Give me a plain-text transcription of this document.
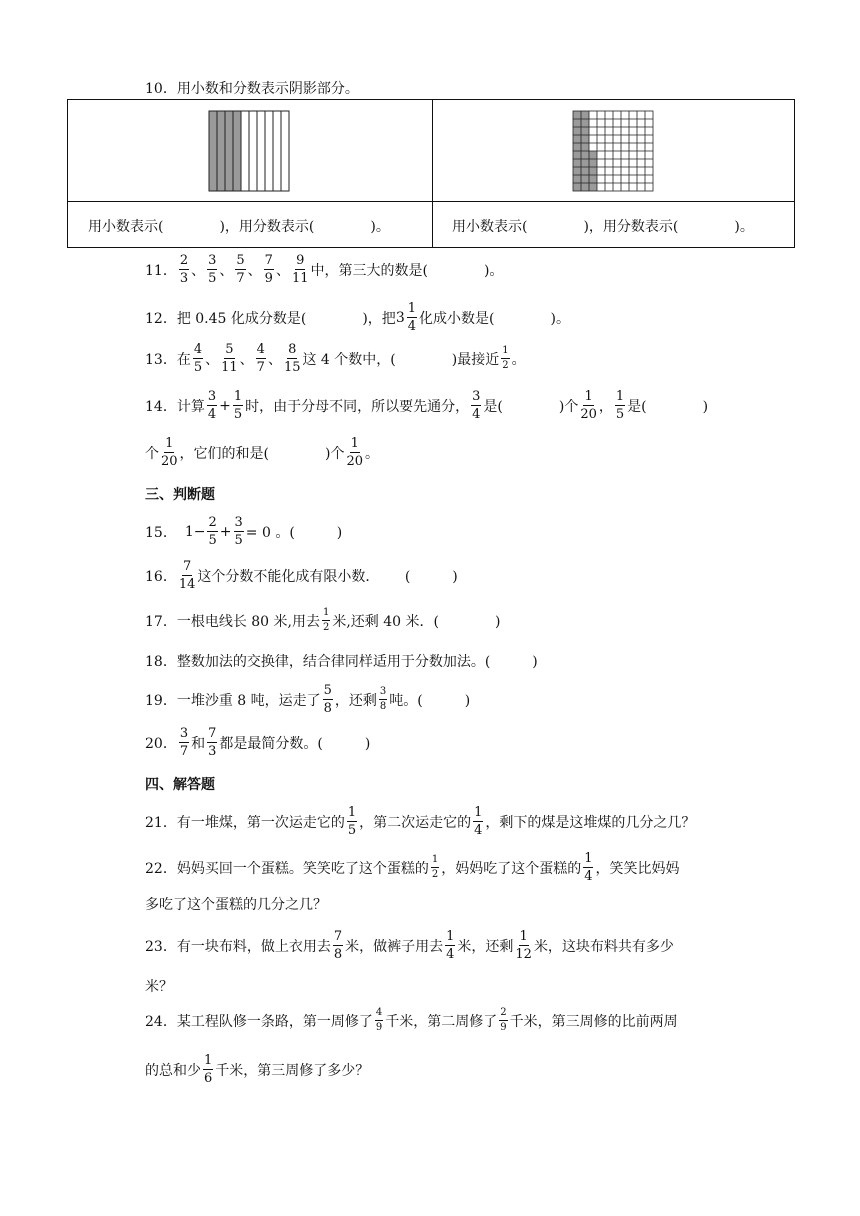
10．用小数和分数表示阴影部分。
用小数表示(　　　　)，用分数表示(　　　　)。	用小数表示(　　　　)，用分数表示(　　　　)。
11． $\frac{2}{3}$ 、 $\frac{3}{5}$ 、 $\frac{5}{7}$ 、 $\frac{7}{9}$ 、 $\frac{9}{11}$ 中，第三大的数是(　　　　)。
12．把 0.45 化成分数是(　　　　)，把 $3 \frac{1}{4}$ 化成小数是(　　　　)。
13．在 $\frac{4}{5}$ 、 $\frac{5}{11}$ 、 $\frac{4}{7}$ 、 $\frac{8}{15}$ 这 4 个数中，(　　　　)最接近 $\frac{1}{2}$ 。
14．计算 $\frac{3}{4} + \frac{1}{5}$ 时，由于分母不同，所以要先通分， $\frac{3}{4}$ 是(　　　　)个 $\frac{1}{20}$ ， $\frac{1}{5}$ 是(　　　　)
个 $\frac{1}{20}$ ，它们的和是(　　　　)个 $\frac{1}{20}$ 。
三、判断题
15． $1 - \frac{2}{5} + \frac{3}{5} = 0$ 。(　　　)
16． $\frac{7}{14}$ 这个分数不能化成有限小数．　　 (　　　)
17．一根电线长 80 米,用去 $\frac{1}{2}$ 米,还剩 40 米．(　　　　)
18．整数加法的交换律，结合律同样适用于分数加法。(　　　)
19．一堆沙重 8 吨，运走了 $\frac{5}{8}$ ，还剩 $\frac{3}{8}$ 吨。(　　　)
20． $\frac{3}{7}$ 和 $\frac{7}{3}$ 都是最简分数。(　　　)
四、解答题
21．有一堆煤，第一次运走它的 $\frac{1}{5}$ ，第二次运走它的 $\frac{1}{4}$ ，剩下的煤是这堆煤的几分之几？
22．妈妈买回一个蛋糕。笑笑吃了这个蛋糕的 $\frac{1}{2}$ ，妈妈吃了这个蛋糕的 $\frac{1}{4}$ ，笑笑比妈妈
多吃了这个蛋糕的几分之几？
23．有一块布料，做上衣用去 $\frac{7}{8}$ 米，做裤子用去 $\frac{1}{4}$ 米，还剩 $\frac{1}{12}$ 米，这块布料共有多少
米？
24．某工程队修一条路，第一周修了 $\frac{4}{9}$ 千米，第二周修了 $\frac{2}{9}$ 千米，第三周修的比前两周
的总和少 $\frac{1}{6}$ 千米，第三周修了多少？
